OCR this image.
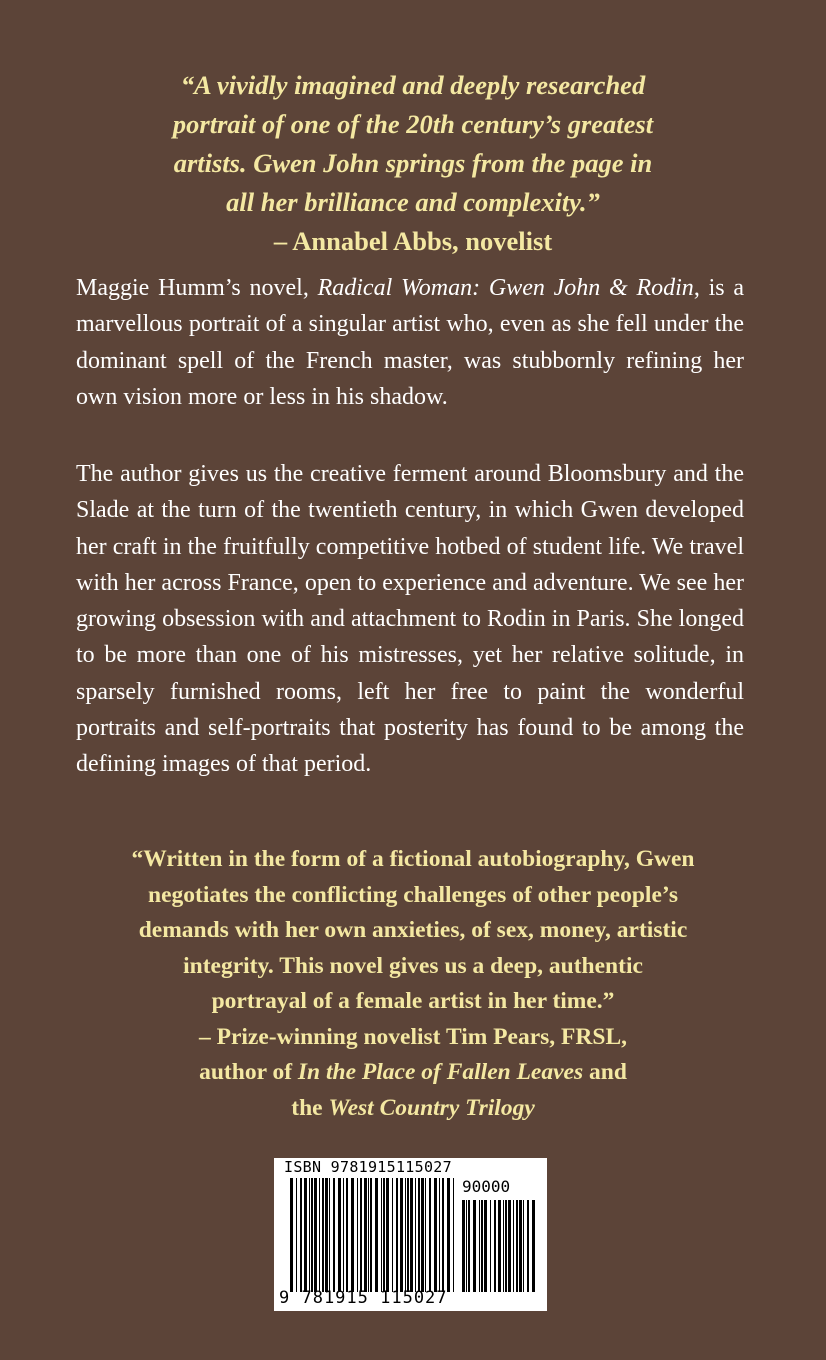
“A vividly imagined and deeply researched
portrait of one of the 20th century’s greatest
artists. Gwen John springs from the page in
all her brilliance and complexity.”
– Annabel Abbs, novelist
Maggie Humm’s novel, Radical Woman: Gwen John & Rodin, is a marvellous portrait of a singular artist who, even as she fell under the dominant spell of the French master, was stubbornly refining her own vision more or less in his shadow.
The author gives us the creative ferment around Bloomsbury and the Slade at the turn of the twentieth century, in which Gwen developed her craft in the fruitfully competitive hotbed of student life. We travel with her across France, open to experience and adventure. We see her growing obsession with and attachment to Rodin in Paris. She longed to be more than one of his mistresses, yet her relative solitude, in sparsely furnished rooms, left her free to paint the wonderful portraits and self-portraits that posterity has found to be among the defining images of that period.
“Written in the form of a fictional autobiography, Gwen
negotiates the conflicting challenges of other people’s
demands with her own anxieties, of sex, money, artistic
integrity. This novel gives us a deep, authentic
portrayal of a female artist in her time.”
– Prize-winning novelist Tim Pears, FRSL,
author of In the Place of Fallen Leaves and
the West Country Trilogy
ISBN 9781915115027
90000
9 781915 115027
